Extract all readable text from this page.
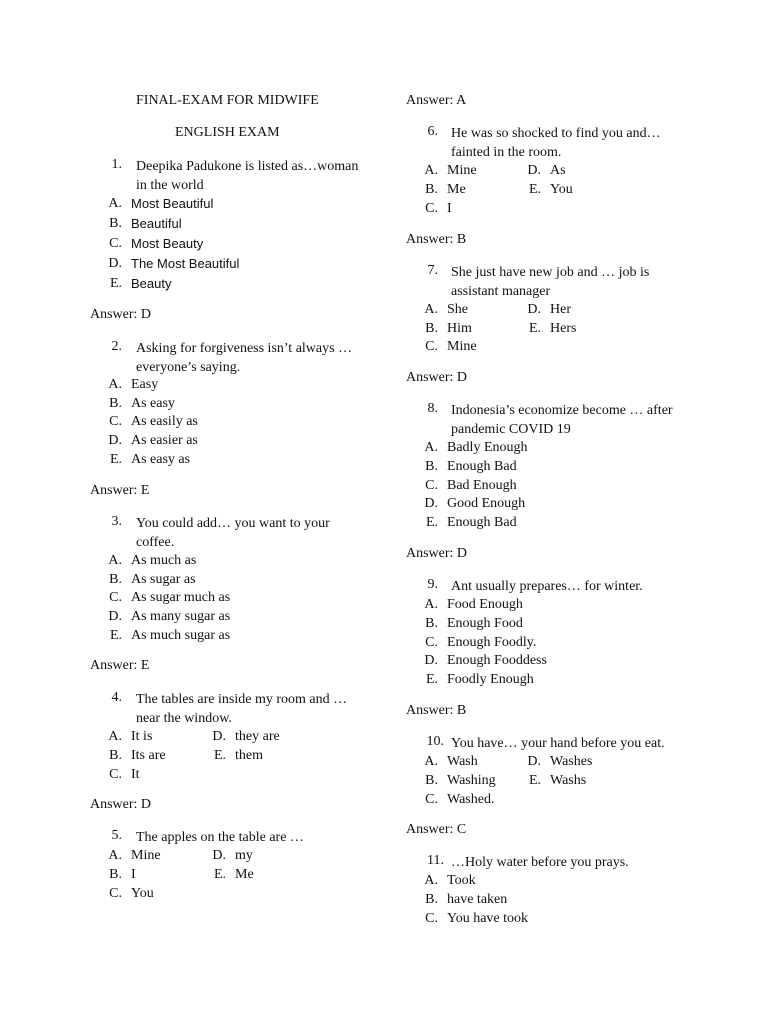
FINAL-EXAM FOR MIDWIFE
ENGLISH EXAM
1. Deepika Padukone is listed as…woman in the world
A. Most Beautiful
B. Beautiful
C. Most Beauty
D. The Most Beautiful
E. Beauty
Answer: D
2. Asking for forgiveness isn’t always … everyone’s saying.
A. Easy
B. As easy
C. As easily as
D. As easier as
E. As easy as
Answer: E
3. You could add… you want to your coffee.
A. As much as
B. As sugar as
C. As sugar much as
D. As many sugar as
E. As much sugar as
Answer: E
4. The tables are inside my room and … near the window.
A. It is
B. Its are
C. It
D. they are
E. them
Answer: D
5. The apples on the table are …
A. Mine
B. I
C. You
D. my
E. Me
Answer: A
6. He was so shocked to find you and… fainted in the room.
A. Mine
B. Me
C. I
D. As
E. You
Answer: B
7. She just have new job and … job is assistant manager
A. She
B. Him
C. Mine
D. Her
E. Hers
Answer: D
8. Indonesia’s economize become … after pandemic COVID 19
A. Badly Enough
B. Enough Bad
C. Bad Enough
D. Good Enough
E. Enough Bad
Answer: D
9. Ant usually prepares… for winter.
A. Food Enough
B. Enough Food
C. Enough Foodly.
D. Enough Fooddess
E. Foodly Enough
Answer: B
10. You have… your hand before you eat.
A. Wash
B. Washing
C. Washed.
D. Washes
E. Washs
Answer: C
11. …Holy water before you prays.
A. Took
B. have taken
C. You have took
